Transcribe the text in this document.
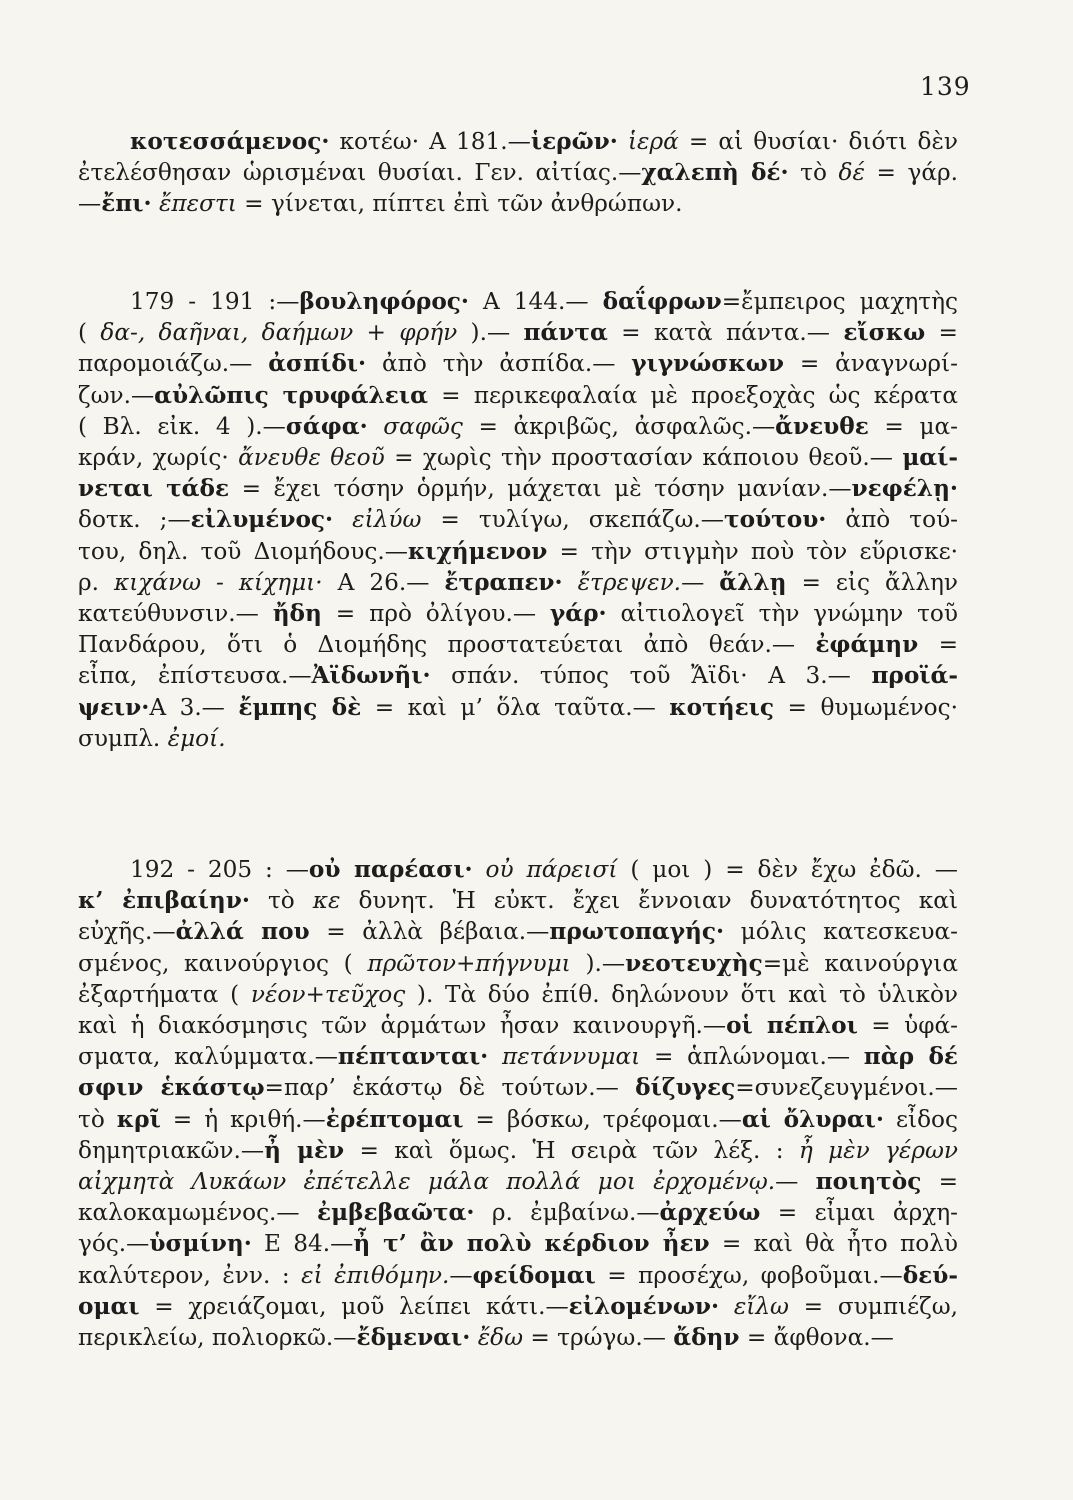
139
κοτεσσάμενος· κοτέω· Α 181.—ἱερῶν· ἱερά = αἱ θυσίαι· διότι δὲν
ἐτελέσθησαν ὡρισμέναι θυσίαι. Γεν. αἰτίας.—χαλεπὴ δέ· τὸ δέ = γάρ.
—ἔπι· ἔπεστι = γίνεται, πίπτει ἐπὶ τῶν ἀνθρώπων.
179 - 191 :—βουληφόρος· Α 144.— δαΐφρων=ἔμπειρος μαχητὴς
( δα-, δαῆναι, δαήμων + φρήν ).— πάντα = κατὰ πάντα.— εἴσκω =
παρομοιάζω.— ἀσπίδι· ἀπὸ τὴν ἀσπίδα.— γιγνώσκων = ἀναγνωρί-
ζων.—αὐλῶπις τρυφάλεια = περικεφαλαία μὲ προεξοχὰς ὡς κέρατα
( Βλ. εἰκ. 4 ).—σάφα· σαφῶς = ἀκριβῶς, ἀσφαλῶς.—ἄνευθε = μα-
κράν, χωρίς· ἄνευθε θεοῦ = χωρὶς τὴν προστασίαν κάποιου θεοῦ.— μαί-
νεται τάδε = ἔχει τόσην ὁρμήν, μάχεται μὲ τόσην μανίαν.—νεφέλῃ·
δοτκ. ;—εἰλυμένος· εἰλύω = τυλίγω, σκεπάζω.—τούτου· ἀπὸ τού-
του, δηλ. τοῦ Διομήδους.—κιχήμενον = τὴν στιγμὴν ποὺ τὸν εὕρισκε·
ρ. κιχάνω - κίχημι· Α 26.— ἔτραπεν· ἔτρεψεν.— ἄλλῃ = εἰς ἄλλην
κατεύθυνσιν.— ἤδη = πρὸ ὀλίγου.— γάρ· αἰτιολογεῖ τὴν γνώμην τοῦ
Πανδάρου, ὅτι ὁ Διομήδης προστατεύεται ἀπὸ θεάν.— ἐφάμην =
εἶπα, ἐπίστευσα.—Ἀϊδωνῆι· σπάν. τύπος τοῦ Ἄϊδι· Α 3.— προϊά-
ψειν·Α 3.— ἔμπης δὲ = καὶ μ’ ὅλα ταῦτα.— κοτήεις = θυμωμένος·
συμπλ. ἐμοί.
192 - 205 : —οὐ παρέασι· οὐ πάρεισί ( μοι ) = δὲν ἔχω ἐδῶ. —
κ’ ἐπιβαίην· τὸ κε δυνητ. Ἡ εὐκτ. ἔχει ἔννοιαν δυνατότητος καὶ
εὐχῆς.—ἀλλά που = ἀλλὰ βέβαια.—πρωτοπαγής· μόλις κατεσκευα-
σμένος, καινούργιος ( πρῶτον+πήγνυμι ).—νεοτευχὴς=μὲ καινούργια
ἐξαρτήματα ( νέον+τεῦχος ). Τὰ δύο ἐπίθ. δηλώνουν ὅτι καὶ τὸ ὑλικὸν
καὶ ἡ διακόσμησις τῶν ἁρμάτων ἦσαν καινουργῆ.—οἱ πέπλοι = ὑφά-
σματα, καλύμματα.—πέπτανται· πετάννυμαι = ἁπλώνομαι.— πὰρ δέ
σφιν ἑκάστῳ=παρ’ ἑκάστῳ δὲ τούτων.— δίζυγες=συνεζευγμένοι.—
τὸ κρῖ = ἡ κριθή.—ἐρέπτομαι = βόσκω, τρέφομαι.—αἱ ὄλυραι· εἶδος
δημητριακῶν.—ἦ μὲν = καὶ ὅμως. Ἡ σειρὰ τῶν λέξ. : ἦ μὲν γέρων
αἰχμητὰ Λυκάων ἐπέτελλε μάλα πολλά μοι ἐρχομένῳ.— ποιητὸς =
καλοκαμωμένος.— ἐμβεβαῶτα· ρ. ἐμβαίνω.—ἀρχεύω = εἶμαι ἀρχη-
γός.—ὑσμίνη· Ε 84.—ἦ τ’ ἂν πολὺ κέρδιον ἦεν = καὶ θὰ ἦτο πολὺ
καλύτερον, ἐνν. : εἰ ἐπιθόμην.—φείδομαι = προσέχω, φοβοῦμαι.—δεύ-
ομαι = χρειάζομαι, μοῦ λείπει κάτι.—εἰλομένων· εἴλω = συμπιέζω,
περικλείω, πολιορκῶ.—ἔδμεναι· ἔδω = τρώγω.— ἄδην = ἄφθονα.—
